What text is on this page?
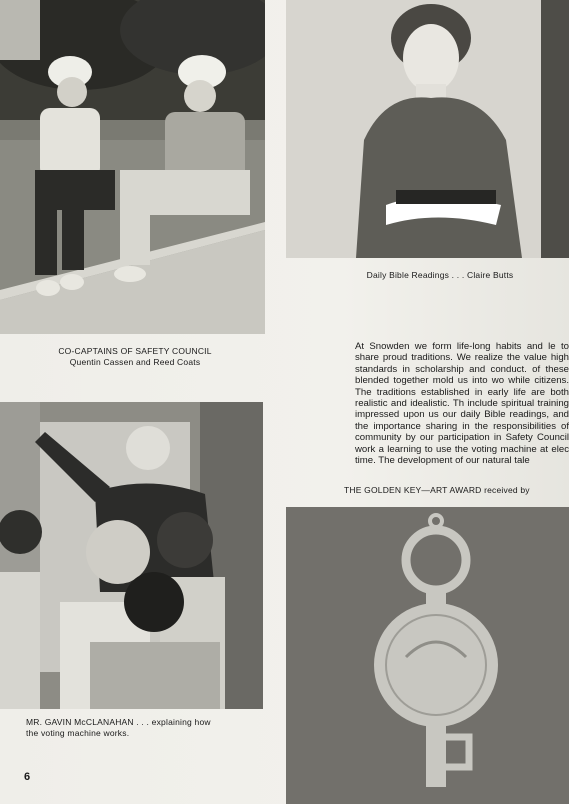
CO-CAPTAINS OF SAFETY COUNCIL
Quentin Cassen and Reed Coats
Daily Bible Readings . . . Claire Butts
MR. GAVIN McCLANAHAN . . . explaining how
the voting machine works.
THE GOLDEN KEY—ART AWARD received by
At Snowden we form life-long habits and le to share proud traditions. We realize the value high standards in scholarship and conduct. of these blended together mold us into wo while citizens. The traditions established in early life are both realistic and idealistic. Th include spiritual training impressed upon us our daily Bible readings, and the importance sharing in the responsibilities of community by our participation in Safety Council work a learning to use the voting machine at elec time. The development of our natural tale
6
